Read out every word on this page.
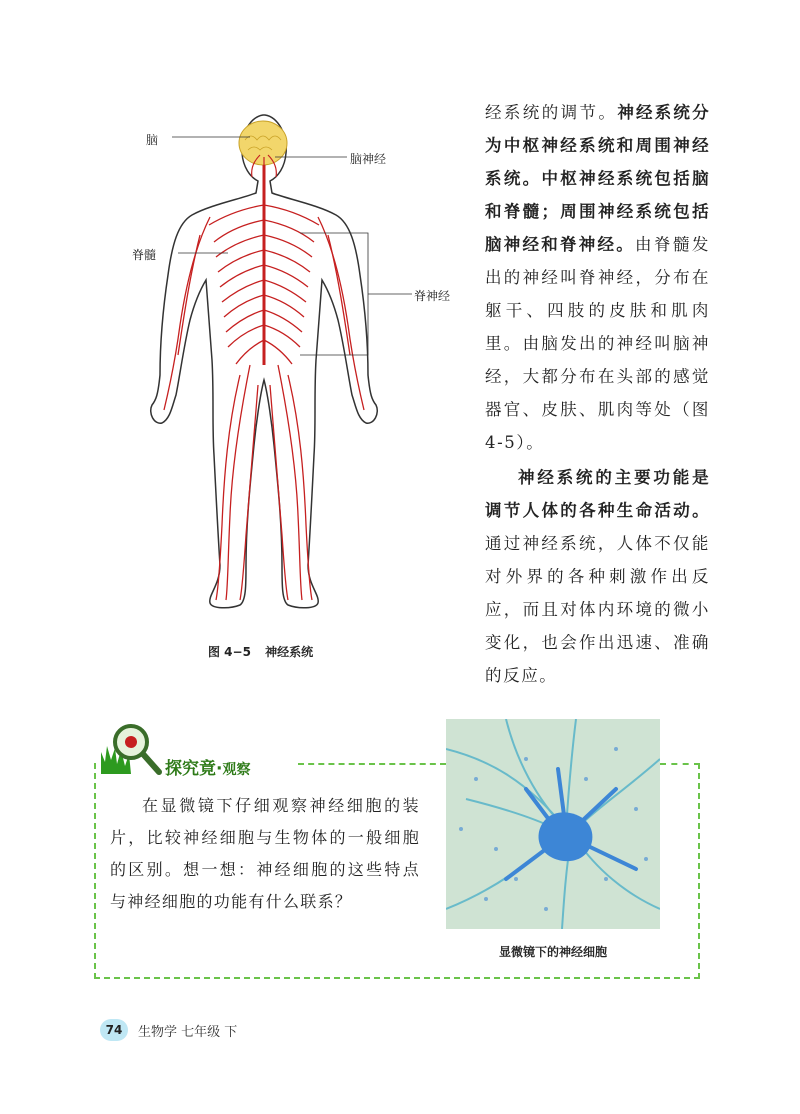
脑
脑神经
脊髓
脊神经
图 4−5 神经系统

经系统的调节。神经系统分为中枢神经系统和周围神经系统。中枢神经系统包括脑和脊髓；周围神经系统包括脑神经和脊神经。由脊髓发出的神经叫脊神经，分布在躯干、四肢的皮肤和肌肉里。由脑发出的神经叫脑神经，大都分布在头部的感觉器官、皮肤、肌肉等处（图 4-5）。

神经系统的主要功能是调节人体的各种生命活动。通过神经系统，人体不仅能对外界的各种刺激作出反应，而且对体内环境的微小变化，也会作出迅速、准确的反应。

探究竟·观察

在显微镜下仔细观察神经细胞的装片，比较神经细胞与生物体的一般细胞的区别。想一想：神经细胞的这些特点与神经细胞的功能有什么联系？

显微镜下的神经细胞
74	生物学 七年级 下
